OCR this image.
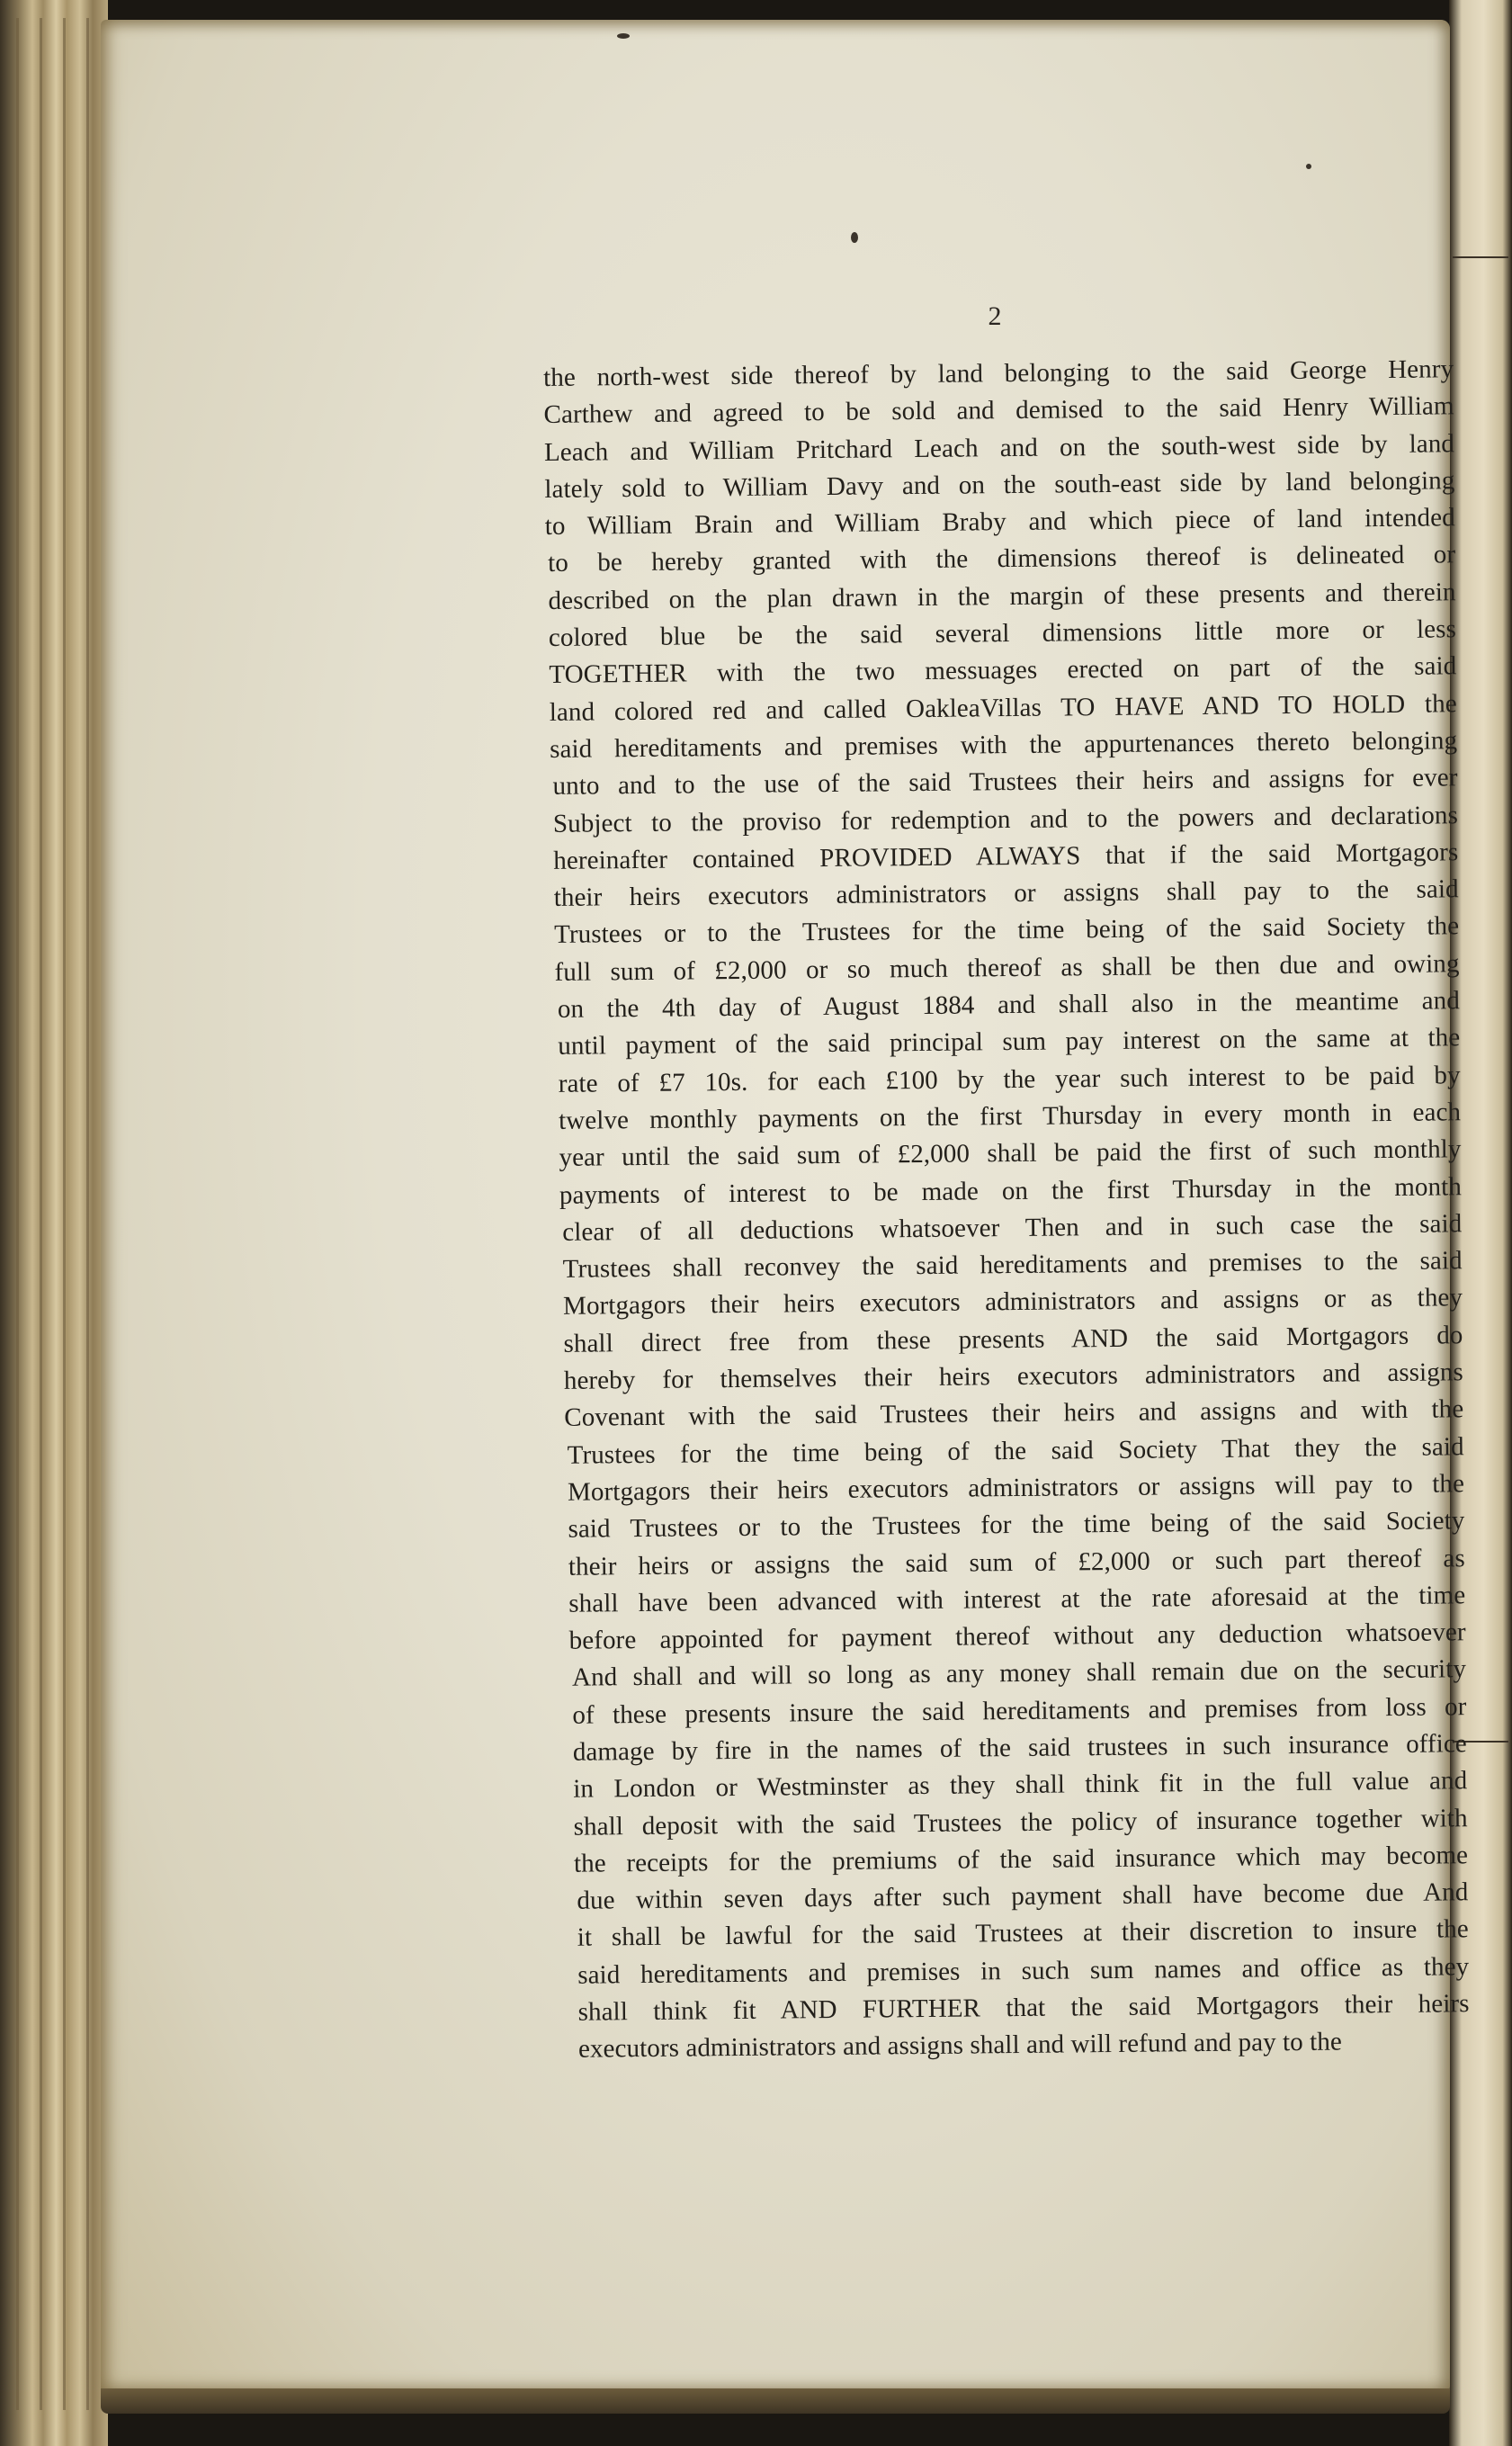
2
the north-west side thereof by land belonging to the said George Henry
Carthew and agreed to be sold and demised to the said Henry William
Leach and William Pritchard Leach and on the south-west side by land
lately sold to William Davy and on the south-east side by land belonging
to William Brain and William Braby and which piece of land intended
to be hereby granted with the dimensions thereof is delineated or
described on the plan drawn in the margin of these presents and therein
colored blue be the said several dimensions little more or less
TOGETHER with the two messuages erected on part of the said
land colored red and called OakleaVillas TO HAVE AND TO HOLD the
said hereditaments and premises with the appurtenances thereto belonging
unto and to the use of the said Trustees their heirs and assigns for ever
Subject to the proviso for redemption and to the powers and declarations
hereinafter contained PROVIDED ALWAYS that if the said Mortgagors
their heirs executors administrators or assigns shall pay to the said
Trustees or to the Trustees for the time being of the said Society the
full sum of £2,000 or so much thereof as shall be then due and owing
on the 4th day of August 1884 and shall also in the meantime and
until payment of the said principal sum pay interest on the same at the
rate of £7 10s. for each £100 by the year such interest to be paid by
twelve monthly payments on the first Thursday in every month in each
year until the said sum of £2,000 shall be paid the first of such monthly
payments of interest to be made on the first Thursday in the month
clear of all deductions whatsoever Then and in such case the said
Trustees shall reconvey the said hereditaments and premises to the said
Mortgagors their heirs executors administrators and assigns or as they
shall direct free from these presents AND the said Mortgagors do
hereby for themselves their heirs executors administrators and assigns
Covenant with the said Trustees their heirs and assigns and with the
Trustees for the time being of the said Society That they the said
Mortgagors their heirs executors administrators or assigns will pay to the
said Trustees or to the Trustees for the time being of the said Society
their heirs or assigns the said sum of £2,000 or such part thereof as
shall have been advanced with interest at the rate aforesaid at the time
before appointed for payment thereof without any deduction whatsoever
And shall and will so long as any money shall remain due on the security
of these presents insure the said hereditaments and premises from loss or
damage by fire in the names of the said trustees in such insurance office
in London or Westminster as they shall think fit in the full value and
shall deposit with the said Trustees the policy of insurance together with
the receipts for the premiums of the said insurance which may become
due within seven days after such payment shall have become due And
it shall be lawful for the said Trustees at their discretion to insure the
said hereditaments and premises in such sum names and office as they
shall think fit AND FURTHER that the said Mortgagors their heirs
executors administrators and assigns shall and will refund and pay to the
